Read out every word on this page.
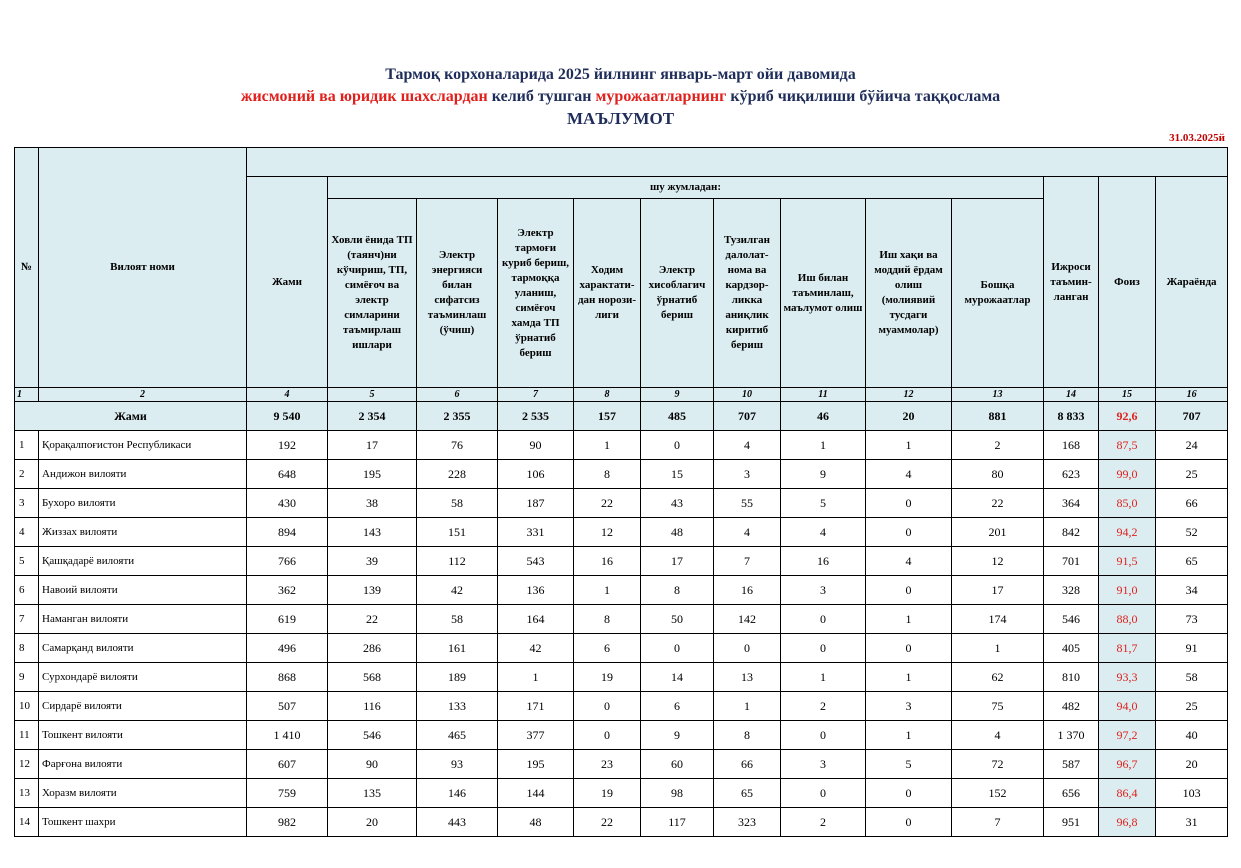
Тармоқ корхоналарида 2025 йилнинг январь-март ойи давомида
жисмоний ва юридик шахслардан келиб тушган мурожаатларнинг кўриб чиқилиши бўйича таққослама
МАЪЛУМОТ
31.03.2025й
№	Вилоят номи													
		Жами	шу жумладан:									Ижроси таъмин-ланган	Фоиз	Жараёнда
			Ховли ёнида ТП (таянч)ни кўчириш, ТП, симёғоч ва электр симларини таъмирлаш ишлари	Электр энергияси билан сифатсиз таъминлаш (ўчиш)	Электр тармоғи куриб бериш, тармоққа уланиш, симёғоч хамда ТП ўрнатиб бериш	Ходим характати-дан норози-лиги	Электр хисоблагич ўрнатиб бериш	Тузилган далолат-нома ва кардзор-ликка аниқлик киритиб бериш	Иш билан таъминлаш, маълумот олиш	Иш хақи ва моддий ёрдам олиш (молиявий тусдаги муаммолар)	Бошқа мурожаатлар			
1	2	4	5	6	7	8	9	10	11	12	13	14	15	16
Жами		9 540	2 354	2 355	2 535	157	485	707	46	20	881	8 833	92,6	707
1	Қорақалпоғистон Республикаси	192	17	76	90	1	0	4	1	1	2	168	87,5	24
2	Андижон вилояти	648	195	228	106	8	15	3	9	4	80	623	99,0	25
3	Бухоро вилояти	430	38	58	187	22	43	55	5	0	22	364	85,0	66
4	Жиззах вилояти	894	143	151	331	12	48	4	4	0	201	842	94,2	52
5	Қашқадарё вилояти	766	39	112	543	16	17	7	16	4	12	701	91,5	65
6	Навоий вилояти	362	139	42	136	1	8	16	3	0	17	328	91,0	34
7	Наманган вилояти	619	22	58	164	8	50	142	0	1	174	546	88,0	73
8	Самарқанд вилояти	496	286	161	42	6	0	0	0	0	1	405	81,7	91
9	Сурхондарё вилояти	868	568	189	1	19	14	13	1	1	62	810	93,3	58
10	Сирдарё вилояти	507	116	133	171	0	6	1	2	3	75	482	94,0	25
11	Тошкент вилояти	1 410	546	465	377	0	9	8	0	1	4	1 370	97,2	40
12	Фарғона вилояти	607	90	93	195	23	60	66	3	5	72	587	96,7	20
13	Хоразм вилояти	759	135	146	144	19	98	65	0	0	152	656	86,4	103
14	Тошкент шахри	982	20	443	48	22	117	323	2	0	7	951	96,8	31
